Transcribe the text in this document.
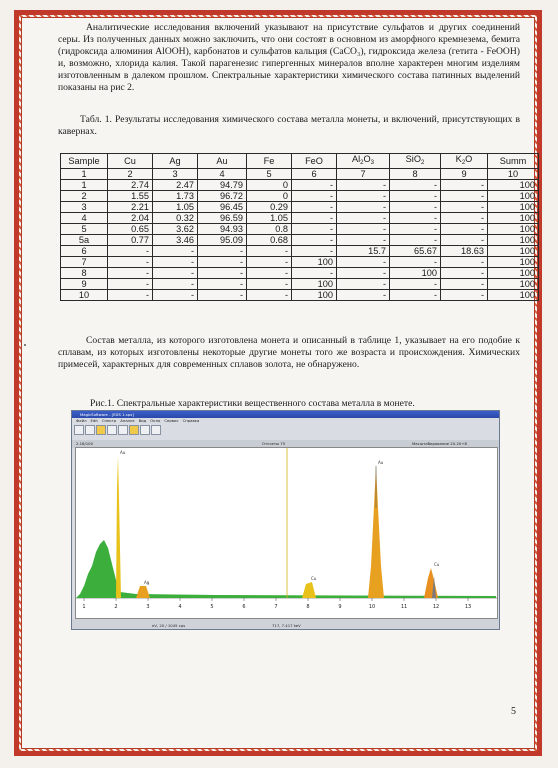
Аналитические исследования включений указывают на присутствие сульфатов и других соединений серы. Из полученных данных можно заключить, что они состоят в основном из аморфного кремнезема, бемита (гидроксида алюминия AlOOH), карбонатов и сульфатов кальция (CaCO₃), гидроксида железа (гетита - FeOOH) и, возможно, хлорида калия. Такой парагенезис гипергенных минералов вполне характерен многим изделиям изготовленным в далеком прошлом. Спектральные характеристики химического состава патинных выделений показаны на рис 2.
Табл. 1. Результаты исследования химического состава металла монеты, и включений, присутствующих в кавернах.
Sample	Cu	Ag	Au	Fe	FeO	$Al_2O_3$	SiO$_2$	$K_2O$	Summ
1	2	3	4	5	6	7	8	9	10
1	2.74	2.47	94.79	0	-	-	-	-	100
2	1.55	1.73	96.72	0	-	-	-	-	100
3	2.21	1.05	96.45	0.29	-	-	-	-	100
4	2.04	0.32	96.59	1.05	-	-	-	-	100
5	0.65	3.62	94.93	0.8	-	-	-	-	100
5a	0.77	3.46	95.09	0.68	-	-	-	-	100
6	-	-	-	-	-	15.7	65.67	18.63	100
7	-	-	-	-	100	-	-	-	100
8	-	-	-	-	-	-	100	-	100
9	-	-	-	-	100	-	-	-	100
10	-	-	-	-	100	-	-	-	100
Состав металла, из которого изготовлена монета и описанный в таблице 1, указывает на его подобие к сплавам, из которых изготовлены некоторые другие монеты того же возраста и происхождения. Химических примесей, характерных для современных сплавов золота, не обнаружено.
Рис.1. Спектральные характеристики вещественного состава металла в монете.
MagicSoftware - [EDS 1.spx]
Файл Edit Спектр Анализ Вид Окно Сервис Справка
2.16/100	Отсчеты 75	Масштабирование 20-20+8
1	2	3	4	5	6	7	8	9	10	11	12	13
Au
Ag
Cu
Au
Cu
eV, 20 / 1045 cps	717, 7.417 keV
5
